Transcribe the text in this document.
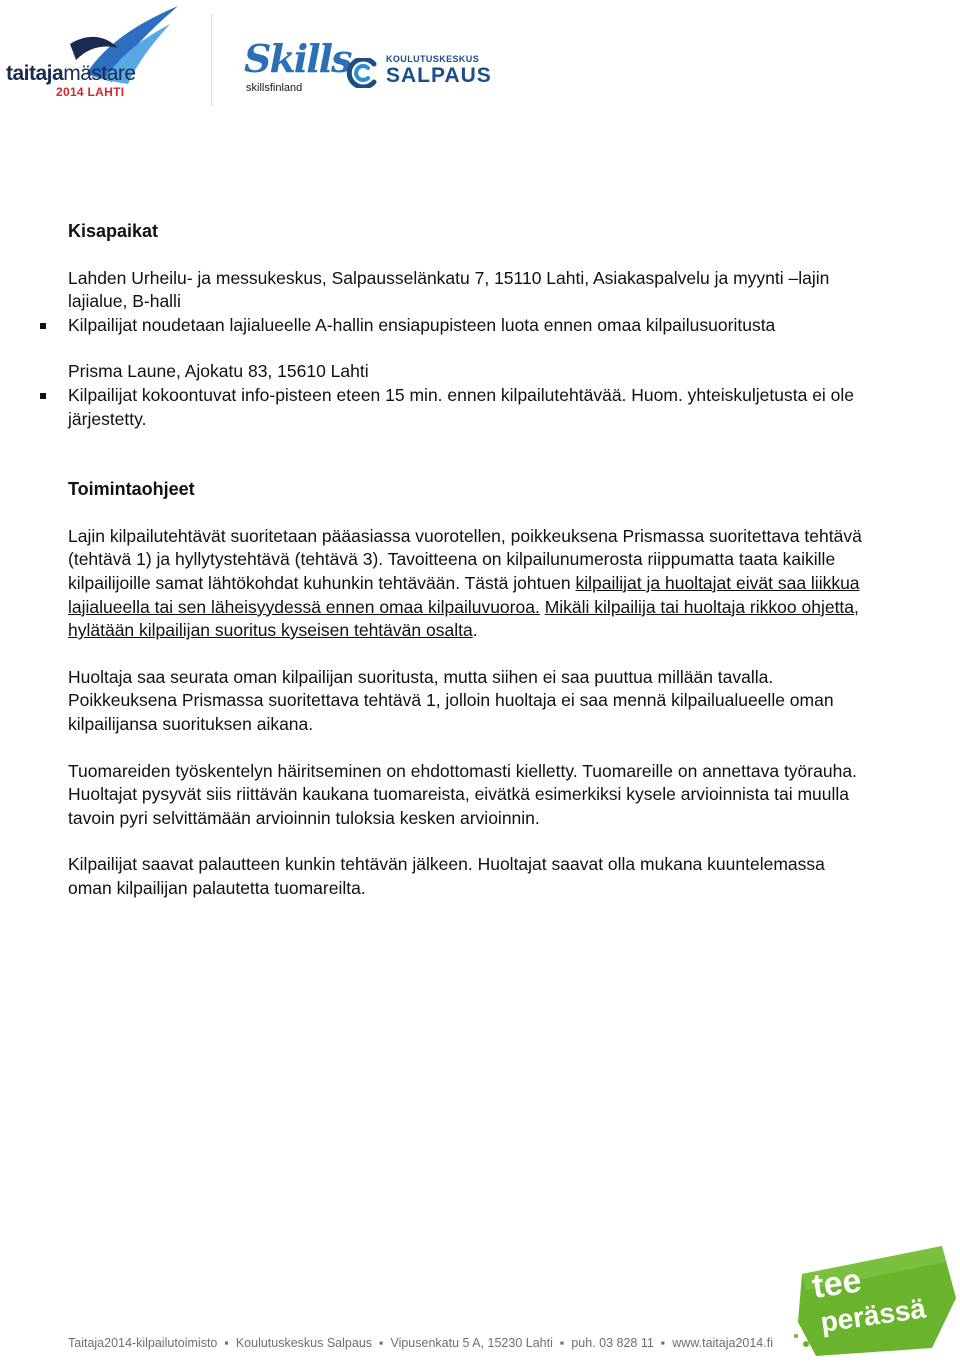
taitajamästare
2014 LAHTI
Skills
skillsfinland
KOULUTUSKESKUS
SALPAUS

Kisapaikat

Lahden Urheilu- ja messukeskus, Salpausselänkatu 7, 15110 Lahti, Asiakaspalvelu ja myynti –lajin lajialue, B-halli

Kilpailijat noudetaan lajialueelle A-hallin ensiapupisteen luota ennen omaa kilpailusuoritusta

Prisma Laune, Ajokatu 83, 15610 Lahti

Kilpailijat kokoontuvat info-pisteen eteen 15 min. ennen kilpailutehtävää. Huom. yhteiskuljetusta ei ole järjestetty.

Toimintaohjeet

Lajin kilpailutehtävät suoritetaan pääasiassa vuorotellen, poikkeuksena Prismassa suoritettava tehtävä (tehtävä 1) ja hyllytystehtävä (tehtävä 3). Tavoitteena on kilpailunumerosta riippumatta taata kaikille kilpailijoille samat lähtökohdat kuhunkin tehtävään. Tästä johtuen kilpailijat ja huoltajat eivät saa liikkua lajialueella tai sen läheisyydessä ennen omaa kilpailuvuoroa. Mikäli kilpailija tai huoltaja rikkoo ohjetta, hylätään kilpailijan suoritus kyseisen tehtävän osalta.

Huoltaja saa seurata oman kilpailijan suoritusta, mutta siihen ei saa puuttua millään tavalla. Poikkeuksena Prismassa suoritettava tehtävä 1, jolloin huoltaja ei saa mennä kilpailualueelle oman kilpailijansa suorituksen aikana.

Tuomareiden työskentelyn häiritseminen on ehdottomasti kielletty. Tuomareille on annettava työrauha. Huoltajat pysyvät siis riittävän kaukana tuomareista, eivätkä esimerkiksi kysele arvioinnista tai muulla tavoin pyri selvittämään arvioinnin tuloksia kesken arvioinnin.

Kilpailijat saavat palautteen kunkin tehtävän jälkeen. Huoltajat saavat olla mukana kuuntelemassa oman kilpailijan palautetta tuomareilta.

Taitaja2014-kilpailutoimisto ▪ Koulutuskeskus Salpaus ▪ Vipusenkatu 5 A, 15230 Lahti ▪ puh. 03 828 11 ▪ www.taitaja2014.fi
tee
perässä
